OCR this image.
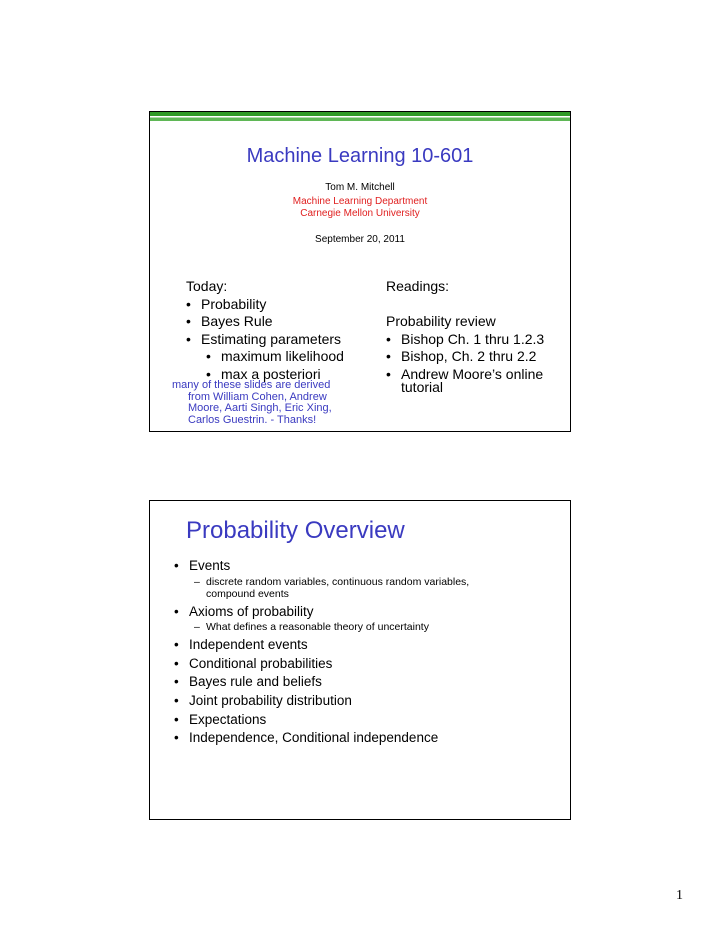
Machine Learning 10-601
Tom M. Mitchell
Machine Learning Department
Carnegie Mellon University
September 20, 2011
Today:
• Probability
• Bayes Rule
• Estimating parameters
• maximum likelihood
• max a posteriori
Readings:
Probability review
• Bishop Ch. 1 thru 1.2.3
• Bishop, Ch. 2 thru 2.2
• Andrew Moore’s online
tutorial
many of these slides are derived
from William Cohen, Andrew
Moore, Aarti Singh, Eric Xing,
Carlos Guestrin. - Thanks!
Probability Overview
• Events
– discrete random variables, continuous random variables,
compound events
• Axioms of probability
– What defines a reasonable theory of uncertainty
• Independent events
• Conditional probabilities
• Bayes rule and beliefs
• Joint probability distribution
• Expectations
• Independence, Conditional independence
1
